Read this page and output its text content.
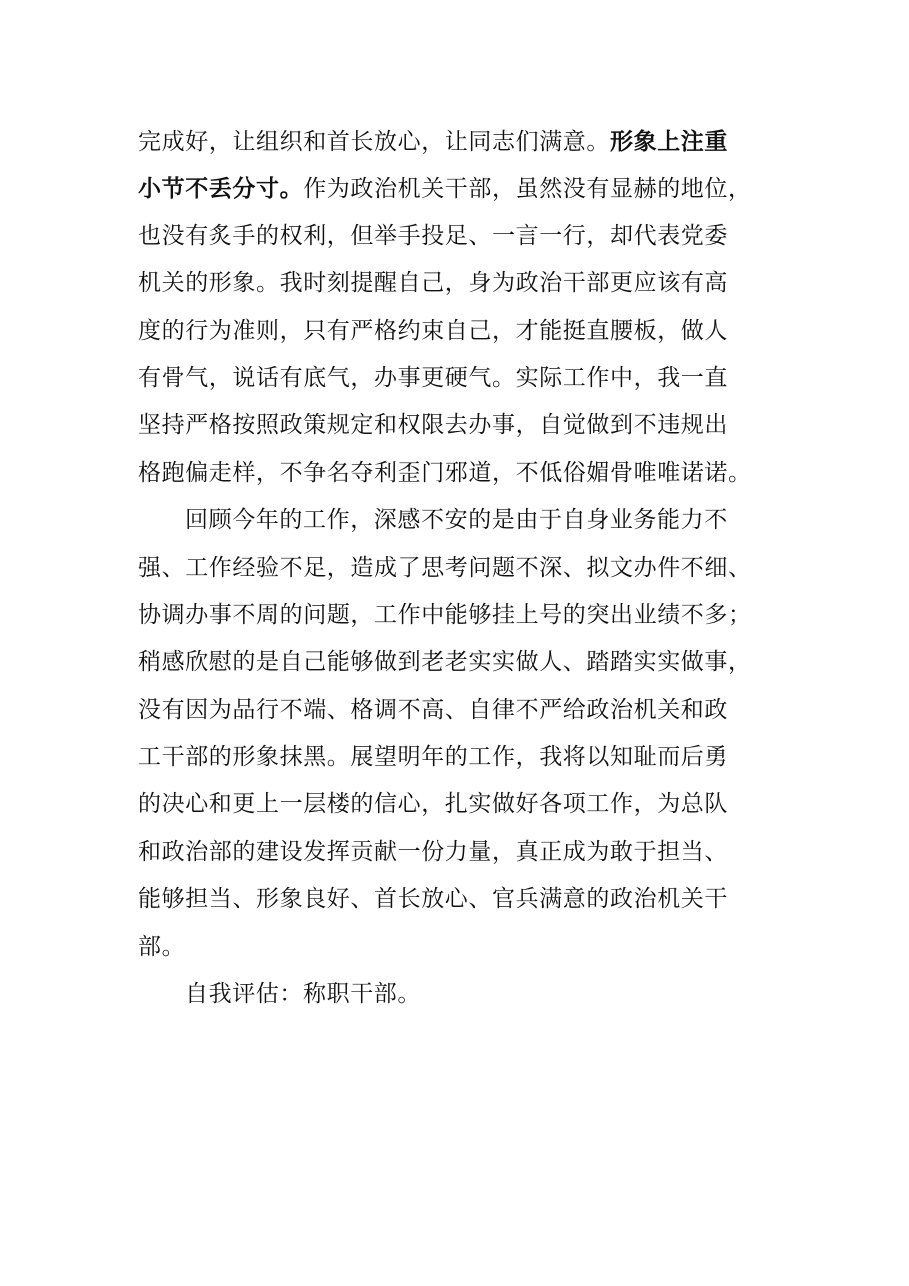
完成好，让组织和首长放心，让同志们满意。形象上注重
小节不丢分寸。作为政治机关干部，虽然没有显赫的地位，
也没有炙手的权利，但举手投足、一言一行，却代表党委
机关的形象。我时刻提醒自己，身为政治干部更应该有高
度的行为准则，只有严格约束自己，才能挺直腰板，做人
有骨气，说话有底气，办事更硬气。实际工作中，我一直
坚持严格按照政策规定和权限去办事，自觉做到不违规出
格跑偏走样，不争名夺利歪门邪道，不低俗媚骨唯唯诺诺。
回顾今年的工作，深感不安的是由于自身业务能力不
强、工作经验不足，造成了思考问题不深、拟文办件不细、
协调办事不周的问题，工作中能够挂上号的突出业绩不多；
稍感欣慰的是自己能够做到老老实实做人、踏踏实实做事，
没有因为品行不端、格调不高、自律不严给政治机关和政
工干部的形象抹黑。展望明年的工作，我将以知耻而后勇
的决心和更上一层楼的信心，扎实做好各项工作，为总队
和政治部的建设发挥贡献一份力量，真正成为敢于担当、
能够担当、形象良好、首长放心、官兵满意的政治机关干
部。
自我评估：称职干部。
